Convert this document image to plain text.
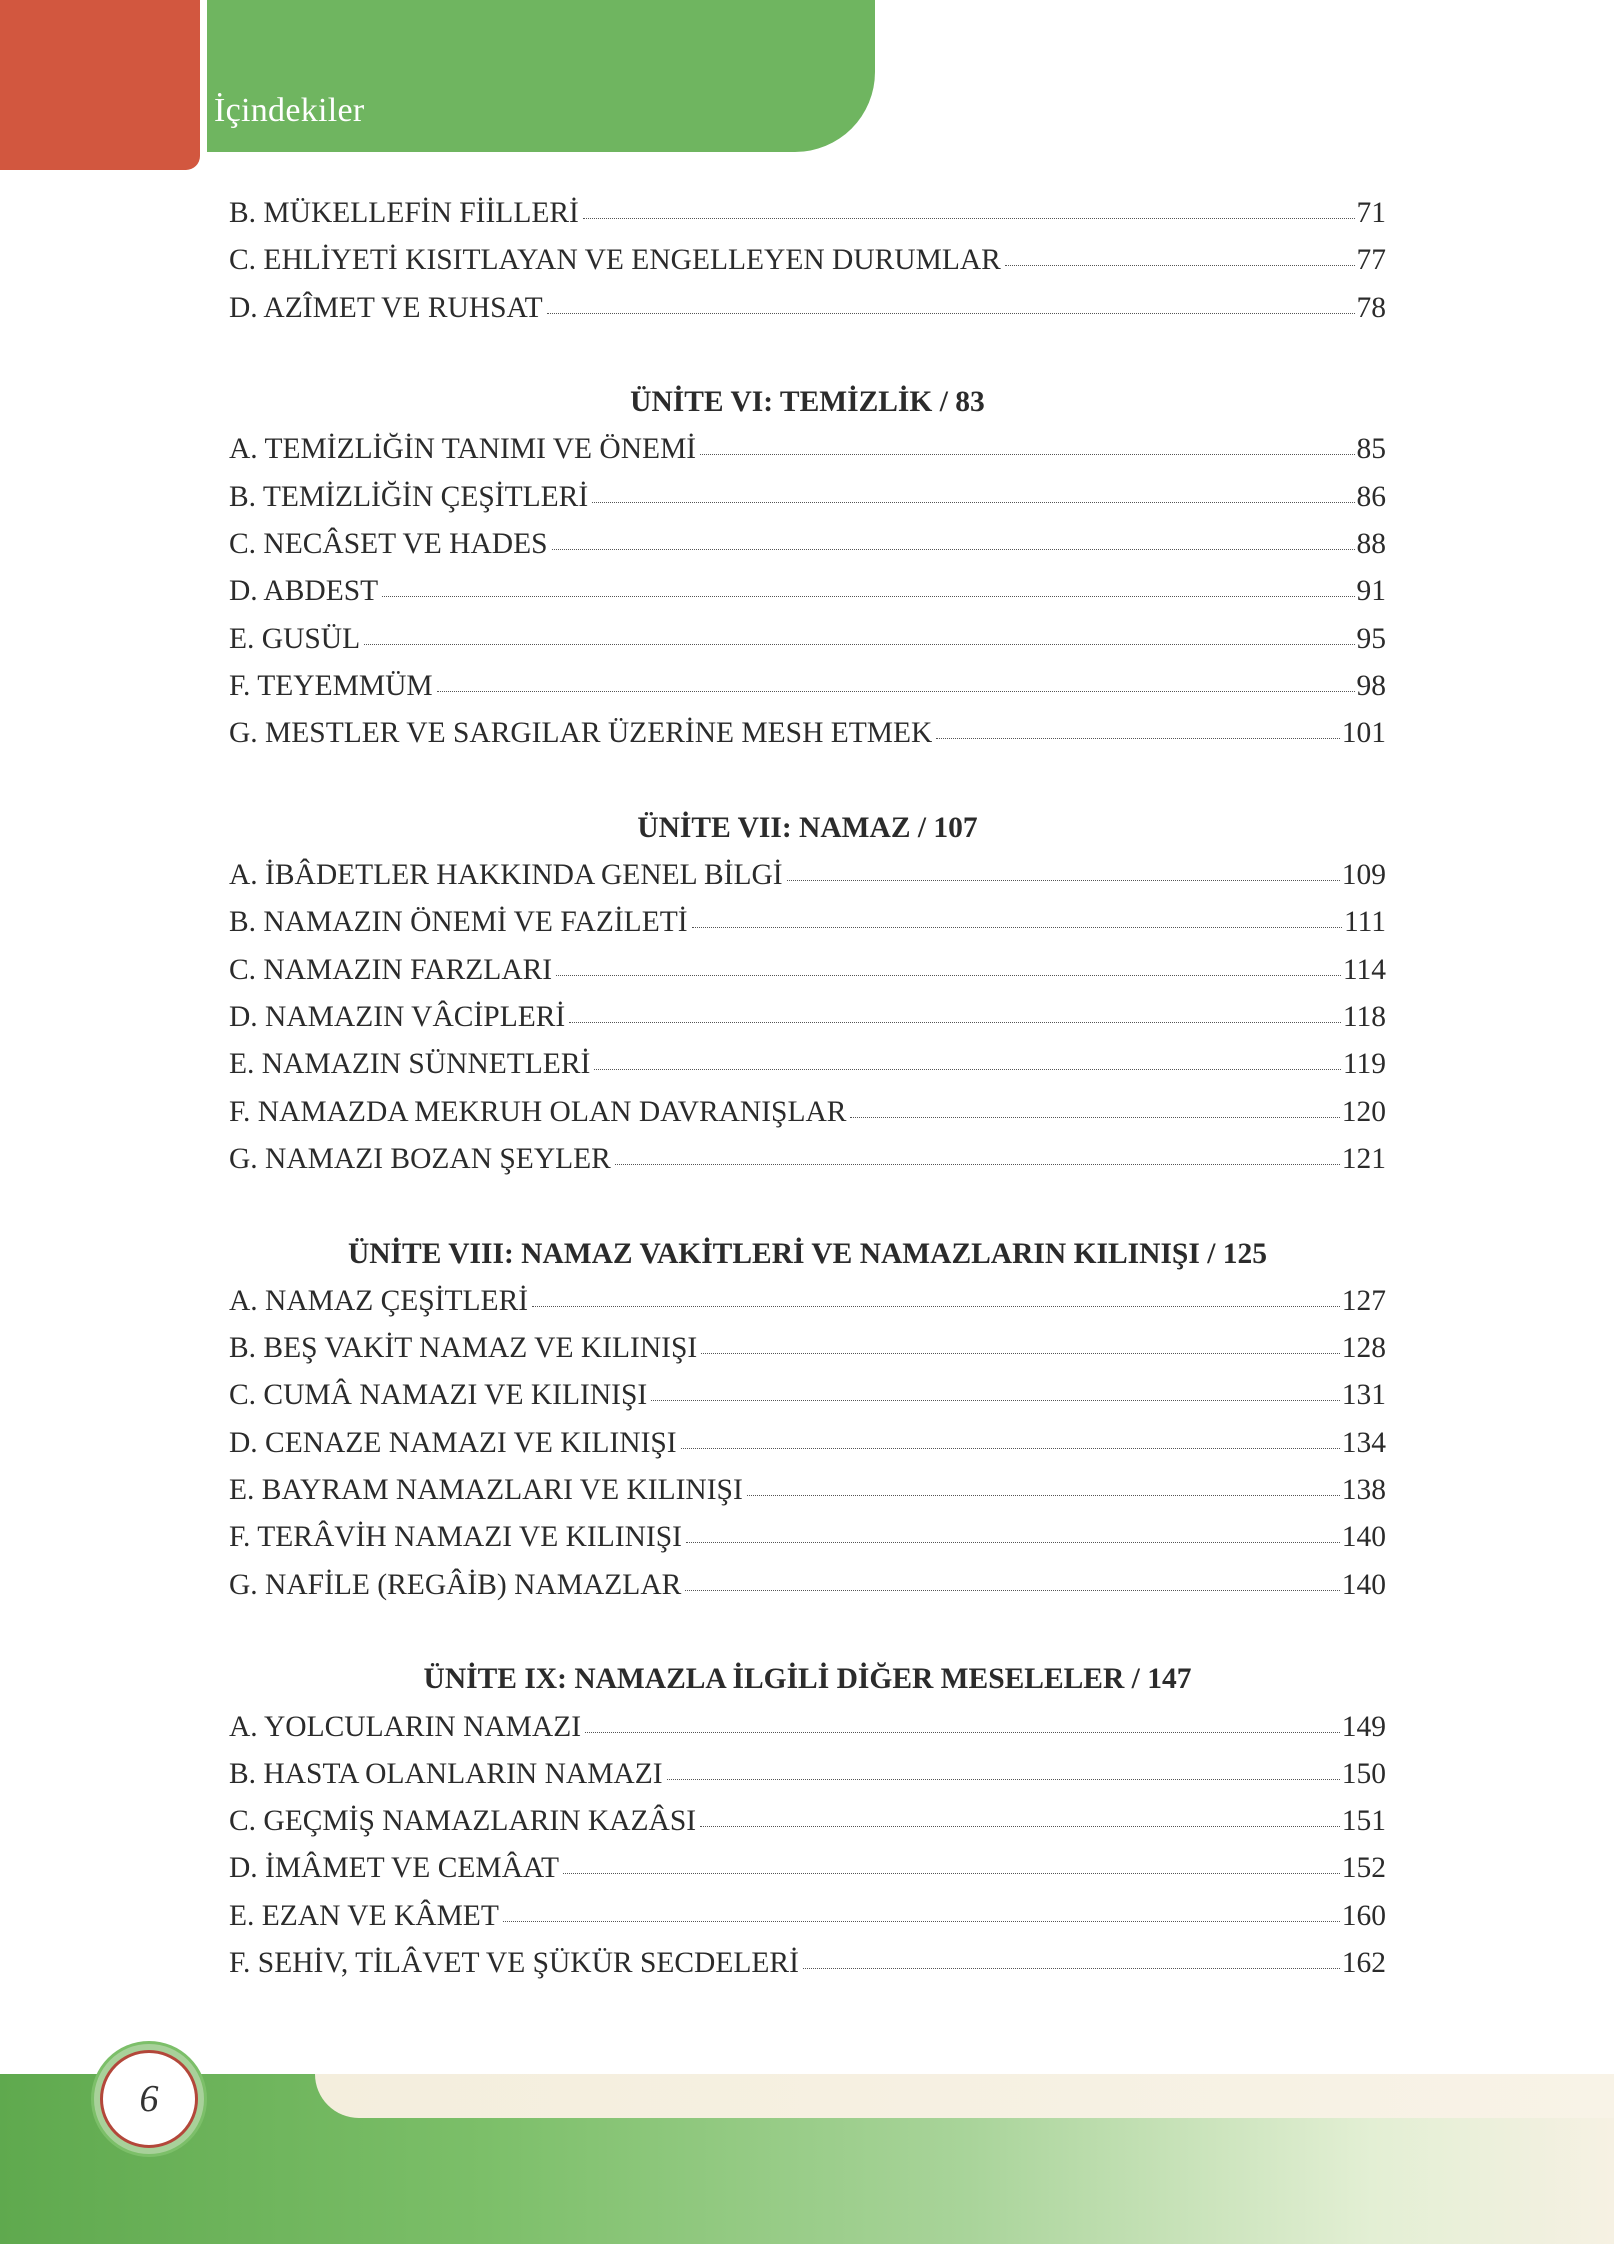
İçindekiler
B. MÜKELLEFİN FİİLLERİ	71
C. EHLİYETİ KISITLAYAN VE ENGELLEYEN DURUMLAR	77
D. AZÎMET VE RUHSAT	78
ÜNİTE VI: TEMİZLİK / 83
A. TEMİZLİĞİN TANIMI VE ÖNEMİ	85
B. TEMİZLİĞİN ÇEŞİTLERİ	86
C. NECÂSET VE HADES	88
D. ABDEST	91
E. GUSÜL	95
F. TEYEMMÜM	98
G. MESTLER VE SARGILAR ÜZERİNE MESH ETMEK	101
ÜNİTE VII: NAMAZ / 107
A. İBÂDETLER HAKKINDA GENEL BİLGİ	109
B. NAMAZIN ÖNEMİ VE FAZİLETİ	111
C. NAMAZIN FARZLARI	114
D. NAMAZIN VÂCİPLERİ	118
E. NAMAZIN SÜNNETLERİ	119
F. NAMAZDA MEKRUH OLAN DAVRANIŞLAR	120
G. NAMAZI BOZAN ŞEYLER	121
ÜNİTE VIII: NAMAZ VAKİTLERİ VE NAMAZLARIN KILINIŞI / 125
A. NAMAZ ÇEŞİTLERİ	127
B. BEŞ VAKİT NAMAZ VE KILINIŞI	128
C. CUMÂ NAMAZI VE KILINIŞI	131
D. CENAZE NAMAZI VE KILINIŞI	134
E. BAYRAM NAMAZLARI VE KILINIŞI	138
F. TERÂVİH NAMAZI VE KILINIŞI	140
G. NAFİLE (REGÂİB) NAMAZLAR	140
ÜNİTE IX: NAMAZLA İLGİLİ DİĞER MESELELER / 147
A. YOLCULARIN NAMAZI	149
B. HASTA OLANLARIN NAMAZI	150
C. GEÇMİŞ NAMAZLARIN KAZÂSI	151
D. İMÂMET VE CEMÂAT	152
E. EZAN VE KÂMET	160
F. SEHİV, TİLÂVET VE ŞÜKÜR SECDELERİ	162
6
